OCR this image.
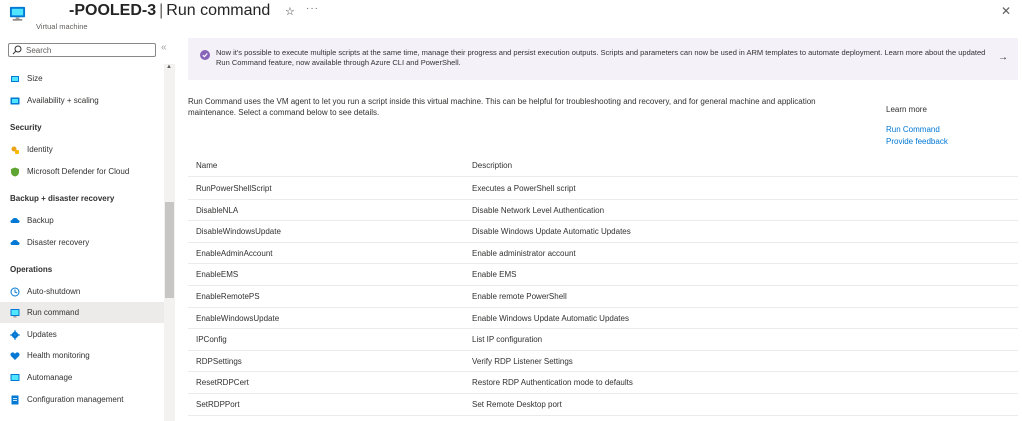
-POOLED-3 | Run command
Virtual machine
☆ ···	✕
Search	«
Size
Availability + scaling
Security
Identity
Microsoft Defender for Cloud
Backup + disaster recovery
Backup
Disaster recovery
Operations
Auto-shutdown
Run command
Updates
Health monitoring
Automanage
Configuration management
▲
Now it's possible to execute multiple scripts at the same time, manage their progress and persist execution outputs. Scripts and parameters can now be used in ARM templates to automate deployment. Learn more about the updated Run Command feature, now available through Azure CLI and PowerShell.	→
Run Command uses the VM agent to let you run a script inside this virtual machine. This can be helpful for troubleshooting and recovery, and for general machine and application maintenance. Select a command below to see details.	Learn more
Run Command
Provide feedback
Name	Description
RunPowerShellScript	Executes a PowerShell script
DisableNLA	Disable Network Level Authentication
DisableWindowsUpdate	Disable Windows Update Automatic Updates
EnableAdminAccount	Enable administrator account
EnableEMS	Enable EMS
EnableRemotePS	Enable remote PowerShell
EnableWindowsUpdate	Enable Windows Update Automatic Updates
IPConfig	List IP configuration
RDPSettings	Verify RDP Listener Settings
ResetRDPCert	Restore RDP Authentication mode to defaults
SetRDPPort	Set Remote Desktop port
